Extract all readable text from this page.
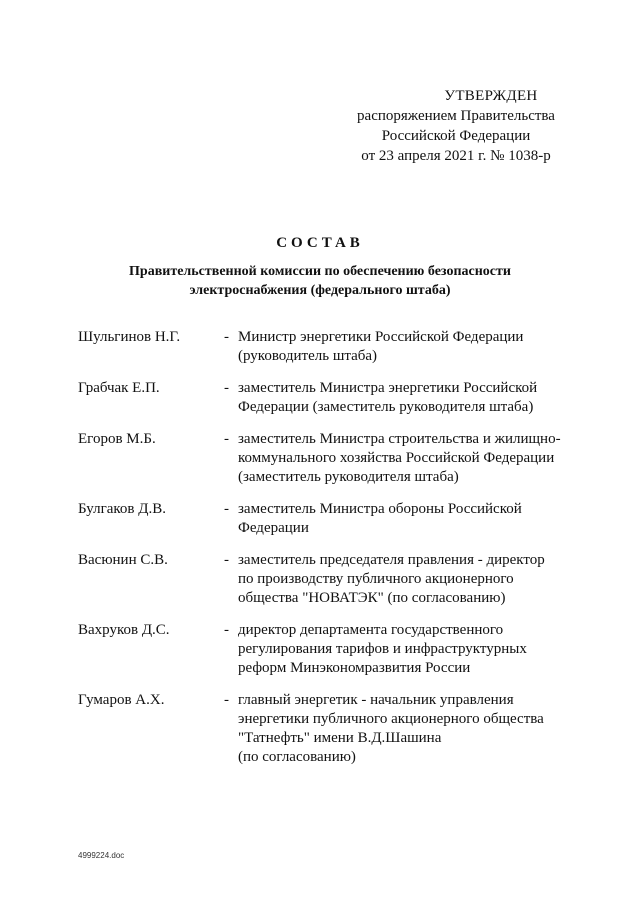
УТВЕРЖДЕН
распоряжением Правительства
Российской Федерации
от 23 апреля 2021 г. № 1038-р
СОСТАВ
Правительственной комиссии по обеспечению безопасности
электроснабжения (федерального штаба)
Шульгинов Н.Г.	- Министр энергетики Российской Федерации
(руководитель штаба)
Грабчак Е.П.	- заместитель Министра энергетики Российской
Федерации (заместитель руководителя штаба)
Егоров М.Б.	- заместитель Министра строительства и жилищно-
коммунального хозяйства Российской Федерации
(заместитель руководителя штаба)
Булгаков Д.В.	- заместитель Министра обороны Российской
Федерации
Васюнин С.В.	- заместитель председателя правления - директор
по производству публичного акционерного
общества "НОВАТЭК" (по согласованию)
Вахруков Д.С.	- директор департамента государственного
регулирования тарифов и инфраструктурных
реформ Минэкономразвития России
Гумаров А.Х.	- главный энергетик - начальник управления
энергетики публичного акционерного общества
"Татнефть" имени В.Д.Шашина
(по согласованию)
4999224.doc
